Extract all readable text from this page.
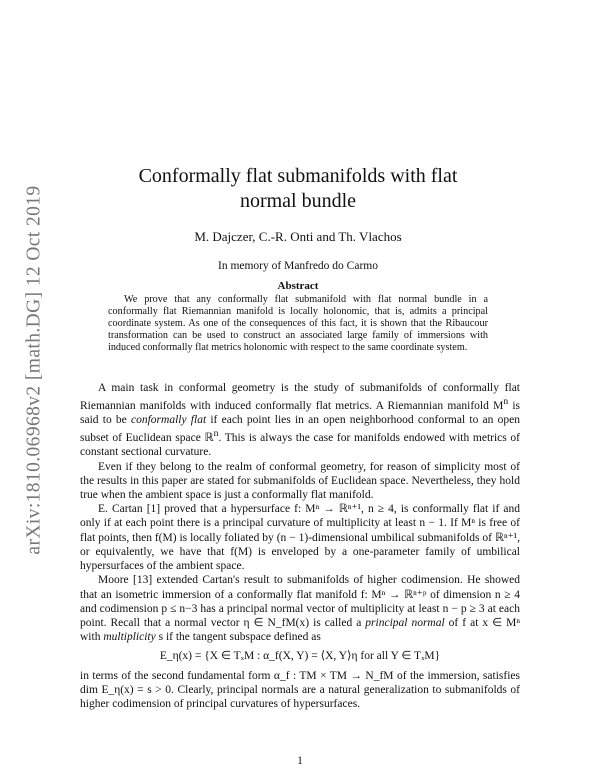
arXiv:1810.06968v2 [math.DG] 12 Oct 2019
Conformally flat submanifolds with flat
normal bundle
M. Dajczer, C.-R. Onti and Th. Vlachos
In memory of Manfredo do Carmo
Abstract

We prove that any conformally flat submanifold with flat normal bundle in a conformally flat Riemannian manifold is locally holonomic, that is, admits a principal coordinate system. As one of the consequences of this fact, it is shown that the Ribaucour transformation can be used to construct an associated large family of immersions with induced conformally flat metrics holonomic with respect to the same coordinate system.

A main task in conformal geometry is the study of submanifolds of conformally flat Riemannian manifolds with induced conformally flat metrics. A Riemannian manifold $M^n$ is said to be conformally flat if each point lies in an open neighborhood conformal to an open subset of Euclidean space ℝ$^n$. This is always the case for manifolds endowed with metrics of constant sectional curvature.

Even if they belong to the realm of conformal geometry, for reason of simplicity most of the results in this paper are stated for submanifolds of Euclidean space. Nevertheless, they hold true when the ambient space is just a conformally flat manifold.

E. Cartan [1] proved that a hypersurface f: Mⁿ → ℝⁿ⁺¹, n ≥ 4, is conformally flat if and only if at each point there is a principal curvature of multiplicity at least n − 1. If Mⁿ is free of flat points, then f(M) is locally foliated by (n − 1)-dimensional umbilical submanifolds of ℝⁿ⁺¹, or equivalently, we have that f(M) is enveloped by a one-parameter family of umbilical hypersurfaces of the ambient space.

Moore [13] extended Cartan's result to submanifolds of higher codimension. He showed that an isometric immersion of a conformally flat manifold f: Mⁿ → ℝⁿ⁺ᵖ of dimension n ≥ 4 and codimension p ≤ n−3 has a principal normal vector of multiplicity at least n − p ≥ 3 at each point. Recall that a normal vector η ∈ N_fM(x) is called a principal normal of f at x ∈ Mⁿ with multiplicity s if the tangent subspace defined as

E_η(x) = {X ∈ TₓM : α_f(X, Y) = ⟨X, Y⟩η for all Y ∈ TₓM}

in terms of the second fundamental form α_f : TM × TM → N_fM of the immersion, satisfies dim E_η(x) = s > 0. Clearly, principal normals are a natural generalization to submanifolds of higher codimension of principal curvatures of hypersurfaces.

1
